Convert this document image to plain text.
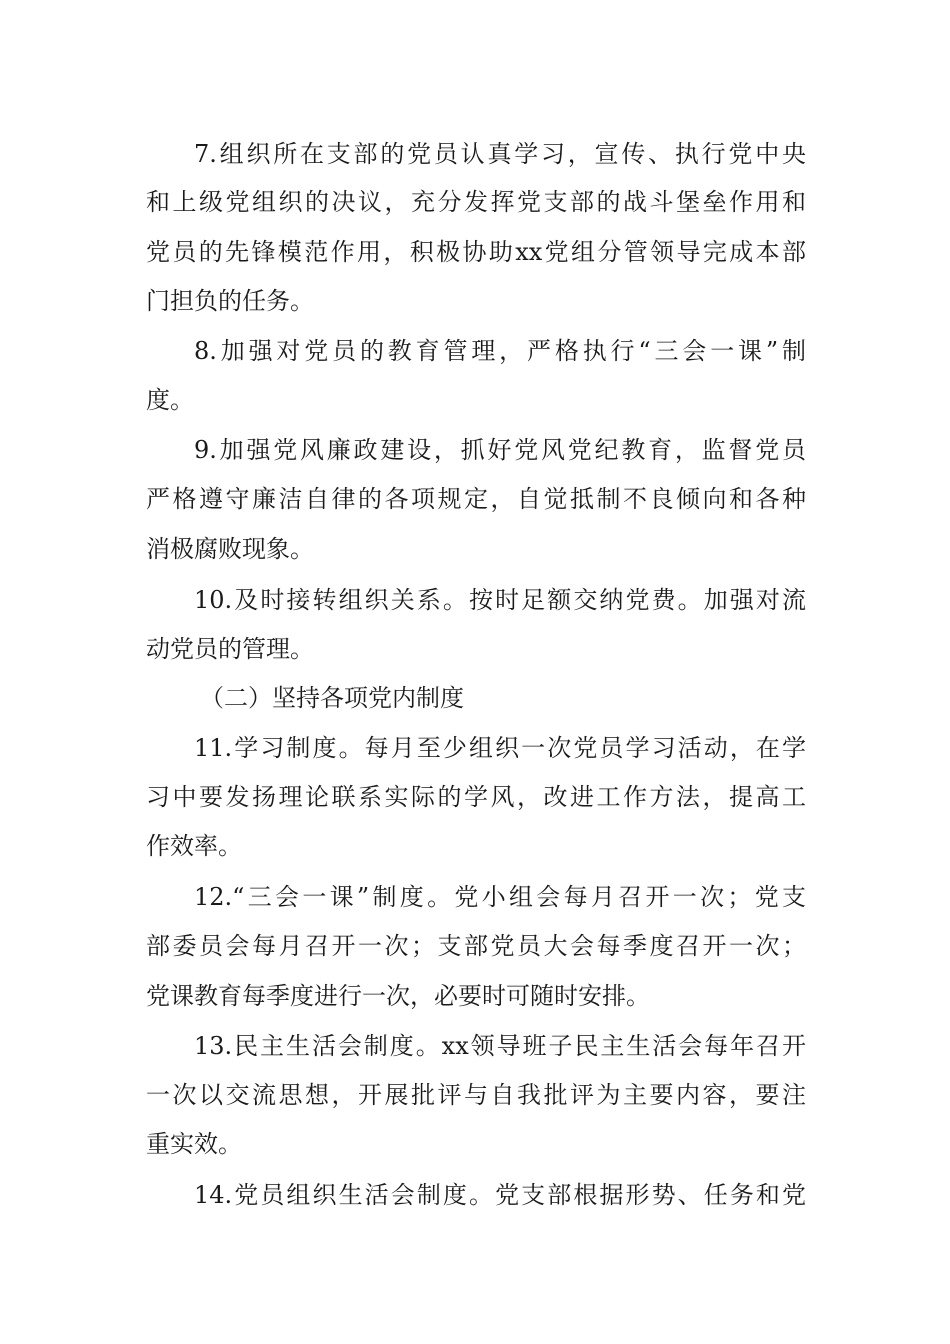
7.组织所在支部的党员认真学习，宣传、执行党中央
和上级党组织的决议，充分发挥党支部的战斗堡垒作用和
党员的先锋模范作用，积极协助xx党组分管领导完成本部
门担负的任务。
8.加强对党员的教育管理，严格执行“三会一课”制
度。
9.加强党风廉政建设，抓好党风党纪教育，监督党员
严格遵守廉洁自律的各项规定，自觉抵制不良倾向和各种
消极腐败现象。
10.及时接转组织关系。按时足额交纳党费。加强对流
动党员的管理。
（二）坚持各项党内制度
11.学习制度。每月至少组织一次党员学习活动，在学
习中要发扬理论联系实际的学风，改进工作方法，提高工
作效率。
12.“三会一课”制度。党小组会每月召开一次；党支
部委员会每月召开一次；支部党员大会每季度召开一次；
党课教育每季度进行一次，必要时可随时安排。
13.民主生活会制度。xx领导班子民主生活会每年召开
一次以交流思想，开展批评与自我批评为主要内容，要注
重实效。
14.党员组织生活会制度。党支部根据形势、任务和党
